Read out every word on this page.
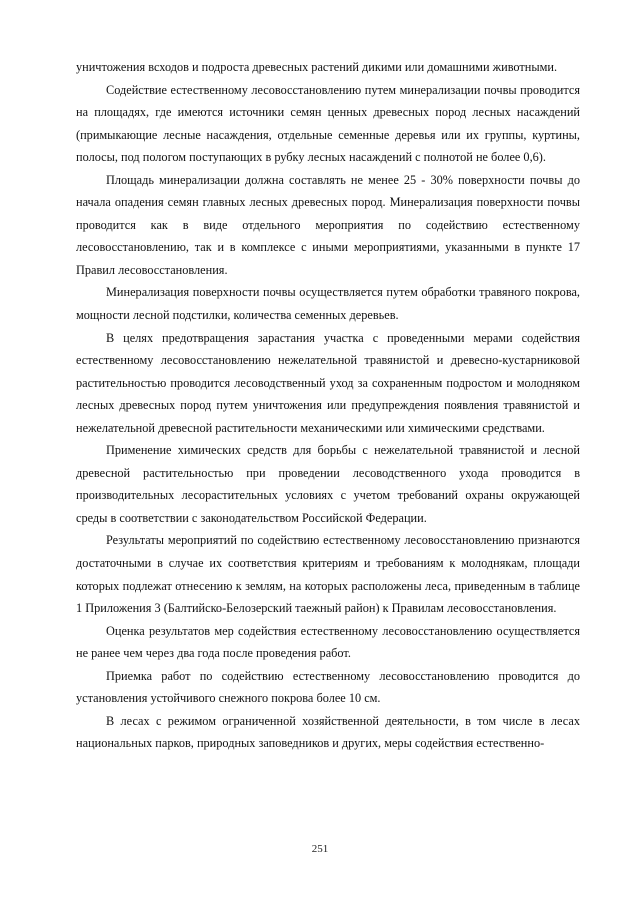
уничтожения всходов и подроста древесных растений дикими или домашними животными.

Содействие естественному лесовосстановлению путем минерализации почвы проводится на площадях, где имеются источники семян ценных древесных пород лесных насаждений (примыкающие лесные насаждения, отдельные семенные деревья или их группы, куртины, полосы, под пологом поступающих в рубку лесных насаждений с полнотой не более 0,6).

Площадь минерализации должна составлять не менее 25 - 30% поверхности почвы до начала опадения семян главных лесных древесных пород. Минерализация поверхности почвы проводится как в виде отдельного мероприятия по содействию естественному лесовосстановлению, так и в комплексе с иными мероприятиями, указанными в пункте 17 Правил лесовосстановления.

Минерализация поверхности почвы осуществляется путем обработки травяного покрова, мощности лесной подстилки, количества семенных деревьев.

В целях предотвращения зарастания участка с проведенными мерами содействия естественному лесовосстановлению нежелательной травянистой и древесно-кустарниковой растительностью проводится лесоводственный уход за сохраненным подростом и молодняком лесных древесных пород путем уничтожения или предупреждения появления травянистой и нежелательной древесной растительности механическими или химическими средствами.

Применение химических средств для борьбы с нежелательной травянистой и лесной древесной растительностью при проведении лесоводственного ухода проводится в производительных лесорастительных условиях с учетом требований охраны окружающей среды в соответствии с законодательством Российской Федерации.

Результаты мероприятий по содействию естественному лесовосстановлению признаются достаточными в случае их соответствия критериям и требованиям к молоднякам, площади которых подлежат отнесению к землям, на которых расположены леса, приведенным в таблице 1 Приложения 3 (Балтийско-Белозерский таежный район) к Правилам лесовосстановления.

Оценка результатов мер содействия естественному лесовосстановлению осуществляется не ранее чем через два года после проведения работ.

Приемка работ по содействию естественному лесовосстановлению проводится до установления устойчивого снежного покрова более 10 см.

В лесах с режимом ограниченной хозяйственной деятельности, в том числе в лесах национальных парков, природных заповедников и других, меры содействия естественно-

251
